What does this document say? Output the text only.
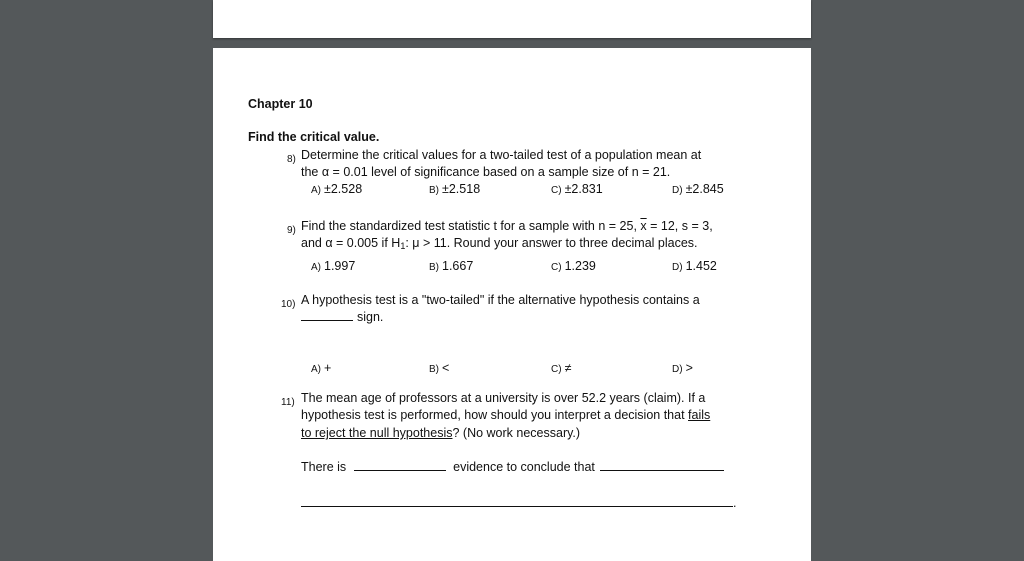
Chapter 10
Find the critical value.
8) Determine the critical values for a two-tailed test of a population mean at
the α = 0.01 level of significance based on a sample size of n = 21.
A) ±2.528	B) ±2.518	C) ±2.831	D) ±2.845
9) Find the standardized test statistic t for a sample with n = 25, $\overline{x} = 12$, s = 3,
and α = 0.005 if $H_1$: μ > 11. Round your answer to three decimal places.
A) 1.997	B) 1.667	C) 1.239	D) 1.452
10) A hypothesis test is a "two-tailed" if the alternative hypothesis contains a
sign.
A) +	B) <	C) ≠	D) >
11) The mean age of professors at a university is over 52.2 years (claim). If a
hypothesis test is performed, how should you interpret a decision that fails
to reject the null hypothesis? (No work necessary.)
There is	evidence to conclude that
.
